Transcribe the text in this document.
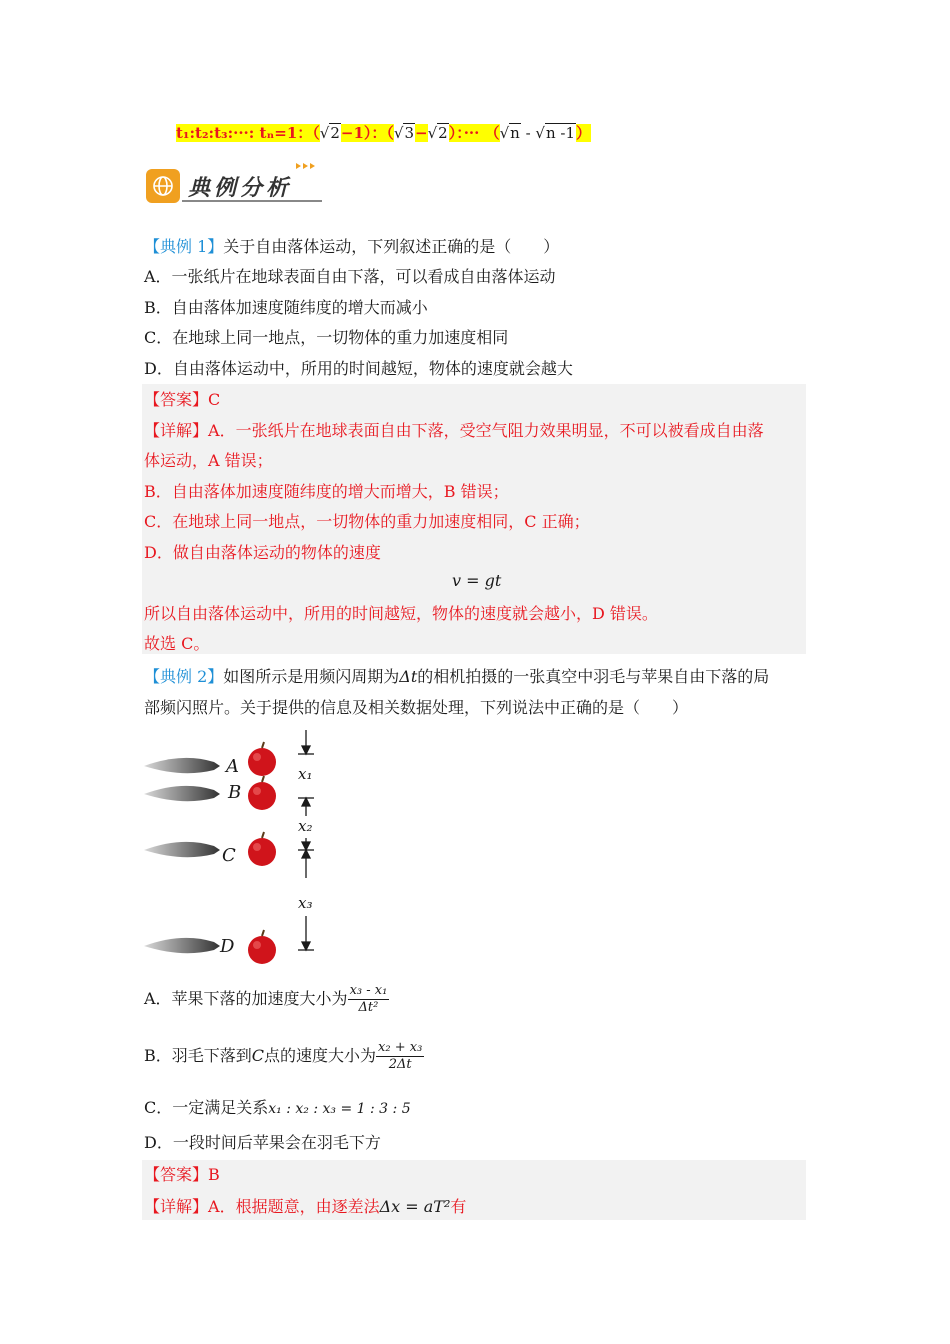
t₁:t₂:t₃:···: tₙ=1：（√2−1）：（√3−√2）：··· （√n - √n -1）
典例分析
【典例 1】关于自由落体运动，下列叙述正确的是（　　）
A．一张纸片在地球表面自由下落，可以看成自由落体运动
B．自由落体加速度随纬度的增大而减小
C．在地球上同一地点，一切物体的重力加速度相同
D．自由落体运动中，所用的时间越短，物体的速度就会越大
【答案】C
【详解】A．一张纸片在地球表面自由下落，受空气阻力效果明显，不可以被看成自由落
体运动，A 错误；
B．自由落体加速度随纬度的增大而增大，B 错误；
C．在地球上同一地点，一切物体的重力加速度相同，C 正确；
D．做自由落体运动的物体的速度
v = gt
所以自由落体运动中，所用的时间越短，物体的速度就会越小，D 错误。
故选 C。
【典例 2】如图所示是用频闪周期为Δt的相机拍摄的一张真空中羽毛与苹果自由下落的局
部频闪照片。关于提供的信息及相关数据处理，下列说法中正确的是（　　）
A
B
C
D
x₁
x₂
x₃
A．苹果下落的加速度大小为 $\frac{\text{x₃ - x₁}}{\text{Δt²}}$
B．羽毛下落到C点的速度大小为 $\frac{\text{x₂ + x₃}}{2\Delta t}$
C．一定满足关系x₁ : x₂ : x₃ = 1 : 3 : 5
D．一段时间后苹果会在羽毛下方
【答案】B
【详解】A．根据题意，由逐差法Δx = aT²有
